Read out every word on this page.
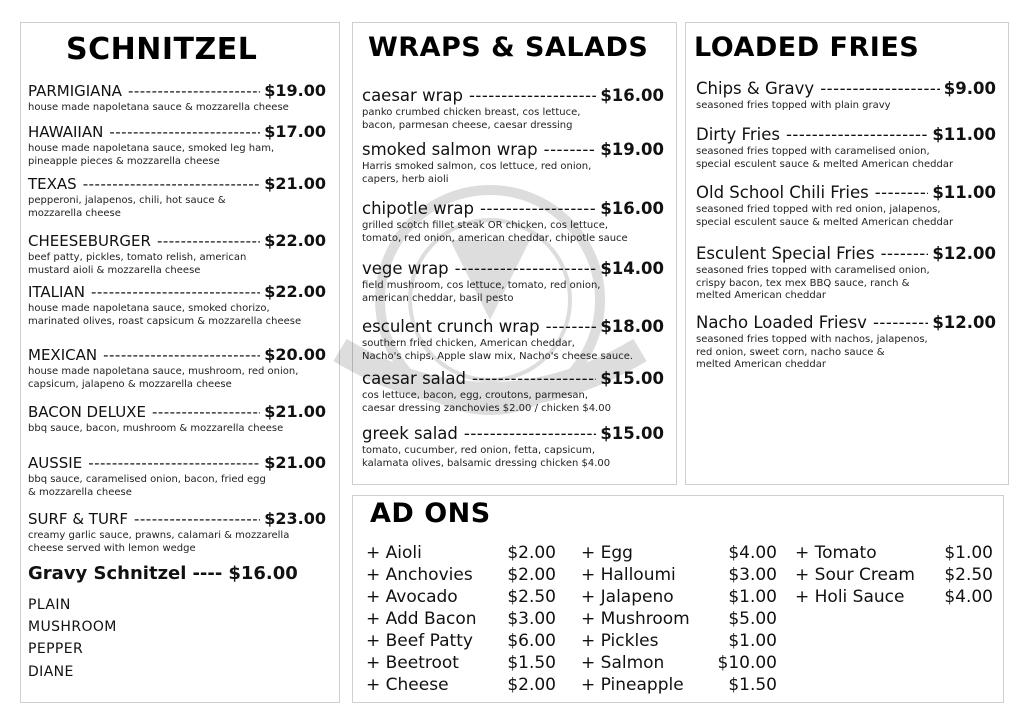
SCHNITZEL	WRAPS & SALADS LOADED FRIES
AD ONS
PARMIGIANA -----	$19.00
house made napoletana sauce & mozzarella cheese
HAWAIIAN -----	$17.00
house made napoletana sauce, smoked leg ham,
pineapple pieces & mozzarella cheese
TEXAS -----	$21.00
pepperoni, jalapenos, chili, hot sauce &
mozzarella cheese
CHEESEBURGER -----	$22.00
beef patty, pickles, tomato relish, american
mustard aioli & mozzarella cheese
ITALIAN -----	$22.00
house made napoletana sauce, smoked chorizo,
marinated olives, roast capsicum & mozzarella cheese
MEXICAN -----	$20.00
house made napoletana sauce, mushroom, red onion,
capsicum, jalapeno & mozzarella cheese
BACON DELUXE -----	$21.00
bbq sauce, bacon, mushroom & mozzarella cheese
AUSSIE -----	$21.00
bbq sauce, caramelised onion, bacon, fried egg
& mozzarella cheese
SURF & TURF -----	$23.00
creamy garlic sauce, prawns, calamari & mozzarella
cheese served with lemon wedge
Gravy Schnitzel ---- $16.00
PLAIN
MUSHROOM
PEPPER
DIANE
caesar wrap -----	$16.00
panko crumbed chicken breast, cos lettuce,
bacon, parmesan cheese, caesar dressing
smoked salmon wrap -----	$19.00
Harris smoked salmon, cos lettuce, red onion,
capers, herb aioli
chipotle wrap -----	$16.00
grilled scotch fillet steak OR chicken, cos lettuce,
tomato, red onion, american cheddar, chipotle sauce
vege wrap -----	$14.00
field mushroom, cos lettuce, tomato, red onion,
american cheddar, basil pesto
esculent crunch wrap -----	$18.00
southern fried chicken, American cheddar,
Nacho's chips, Apple slaw mix, Nacho's cheese sauce.
caesar salad -----	$15.00
cos lettuce, bacon, egg, croutons, parmesan,
caesar dressing zanchovies $2.00 / chicken $4.00
greek salad -----	$15.00
tomato, cucumber, red onion, fetta, capsicum,
kalamata olives, balsamic dressing chicken $4.00
Chips & Gravy -----	$9.00
seasoned fries topped with plain gravy
Dirty Fries -----	$11.00
seasoned fries topped with caramelised onion,
special esculent sauce & melted American cheddar
Old School Chili Fries -----	$11.00
seasoned fried topped with red onion, jalapenos,
special esculent sauce & melted American cheddar
Esculent Special Fries -----	$12.00
seasoned fries topped with caramelised onion,
crispy bacon, tex mex BBQ sauce, ranch &
melted American cheddar
Nacho Loaded Friesv -----	$12.00
seasoned fries topped with nachos, jalapenos,
red onion, sweet corn, nacho sauce &
melted American cheddar
+ Aioli	$2.00
+ Anchovies $2.00
+ Avocado	$2.50
+ Add Bacon $3.00
+ Beef Patty $6.00
+ Beetroot	$1.50
+ Cheese	$2.00
+ Egg	$4.00
+ Halloumi	$3.00
+ Jalapeno	$1.00
+ Mushroom $5.00
+ Pickles	$1.00
+ Salmon	$10.00
+ Pineapple	$1.50
+ Tomato	$1.00
+ Sour Cream $2.50
+ Holi Sauce $4.00
